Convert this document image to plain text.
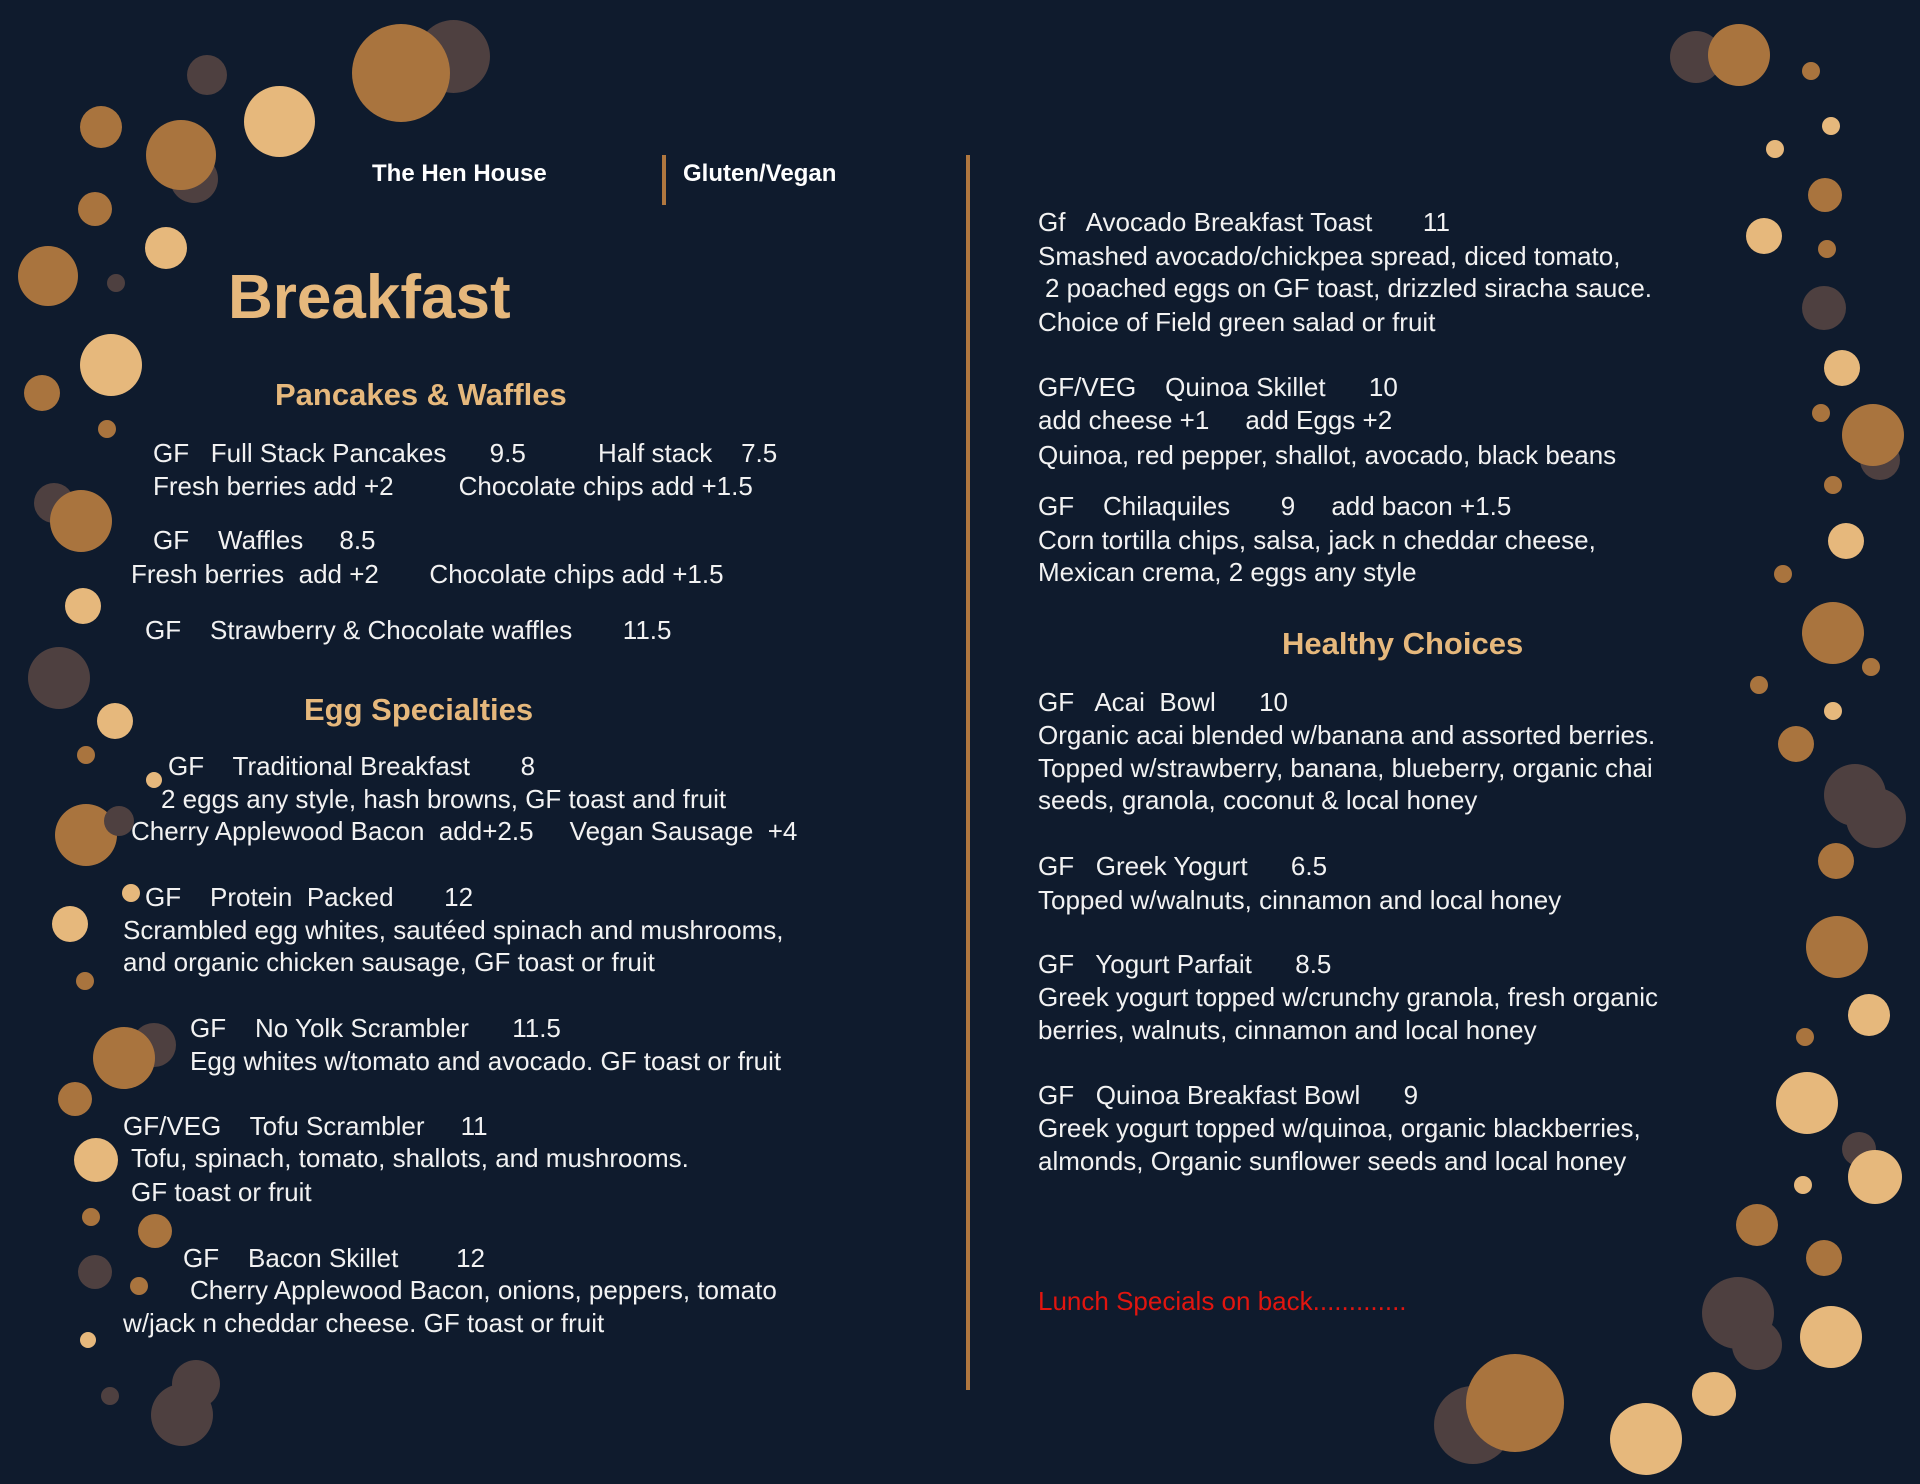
The Hen House	Gluten/Vegan
Breakfast
Pancakes & Waffles
GF   Full Stack Pancakes      9.5          Half stack    7.5
Fresh berries add +2         Chocolate chips add +1.5
GF    Waffles     8.5
Fresh berries  add +2       Chocolate chips add +1.5
GF    Strawberry & Chocolate waffles       11.5
Egg Specialties
GF    Traditional Breakfast       8
2 eggs any style, hash browns, GF toast and fruit
Cherry Applewood Bacon  add+2.5     Vegan Sausage  +4
GF    Protein  Packed       12
Scrambled egg whites, sautéed spinach and mushrooms,
and organic chicken sausage, GF toast or fruit
GF    No Yolk Scrambler      11.5
Egg whites w/tomato and avocado. GF toast or fruit
GF/VEG    Tofu Scrambler     11
Tofu, spinach, tomato, shallots, and mushrooms.
GF toast or fruit
GF    Bacon Skillet        12
Cherry Applewood Bacon, onions, peppers, tomato
w/jack n cheddar cheese. GF toast or fruit
Gf   Avocado Breakfast Toast       11
Smashed avocado/chickpea spread, diced tomato,
2 poached eggs on GF toast, drizzled siracha sauce.
Choice of Field green salad or fruit
GF/VEG    Quinoa Skillet      10
add cheese +1     add Eggs +2
Quinoa, red pepper, shallot, avocado, black beans
GF    Chilaquiles       9     add bacon +1.5
Corn tortilla chips, salsa, jack n cheddar cheese,
Mexican crema, 2 eggs any style
Healthy Choices
GF   Acai  Bowl      10
Organic acai blended w/banana and assorted berries.
Topped w/strawberry, banana, blueberry, organic chai
seeds, granola, coconut & local honey
GF   Greek Yogurt      6.5
Topped w/walnuts, cinnamon and local honey
GF   Yogurt Parfait      8.5
Greek yogurt topped w/crunchy granola, fresh organic
berries, walnuts, cinnamon and local honey
GF   Quinoa Breakfast Bowl      9
Greek yogurt topped w/quinoa, organic blackberries,
almonds, Organic sunflower seeds and local honey
Lunch Specials on back.............
